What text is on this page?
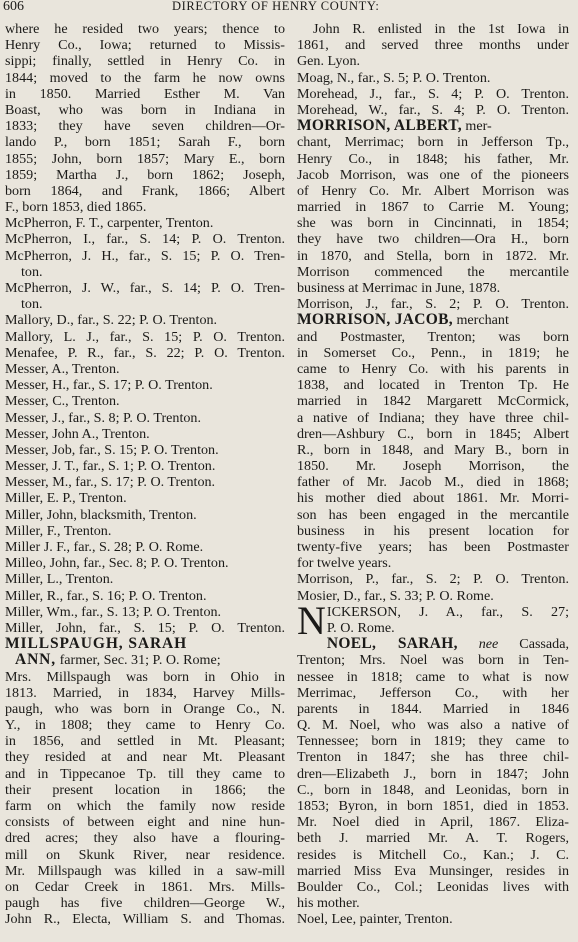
606	DIRECTORY OF HENRY COUNTY:
where he resided two years; thence to
Henry Co., Iowa; returned to Missis-
sippi; finally, settled in Henry Co. in
1844; moved to the farm he now owns
in 1850. Married Esther M. Van
Boast, who was born in Indiana in
1833; they have seven children—Or-
lando P., born 1851; Sarah F., born
1855; John, born 1857; Mary E., born
1859; Martha J., born 1862; Joseph,
born 1864, and Frank, 1866; Albert
F., born 1853, died 1865.
McPherron, F. T., carpenter, Trenton.
McPherron, I., far., S. 14; P. O. Trenton.
McPherron, J. H., far., S. 15; P. O. Tren-
ton.
McPherron, J. W., far., S. 14; P. O. Tren-
ton.
Mallory, D., far., S. 22; P. O. Trenton.
Mallory, L. J., far., S. 15; P. O. Trenton.
Menafee, P. R., far., S. 22; P. O. Trenton.
Messer, A., Trenton.
Messer, H., far., S. 17; P. O. Trenton.
Messer, C., Trenton.
Messer, J., far., S. 8; P. O. Trenton.
Messer, John A., Trenton.
Messer, Job, far., S. 15; P. O. Trenton.
Messer, J. T., far., S. 1; P. O. Trenton.
Messer, M., far., S. 17; P. O. Trenton.
Miller, E. P., Trenton.
Miller, John, blacksmith, Trenton.
Miller, F., Trenton.
Miller J. F., far., S. 28; P. O. Rome.
Milleo, John, far., Sec. 8; P. O. Trenton.
Miller, L., Trenton.
Miller, R., far., S. 16; P. O. Trenton.
Miller, Wm., far., S. 13; P. O. Trenton.
Miller, John, far., S. 15; P. O. Trenton.
MILLSPAUGH, SARAH
ANN, farmer, Sec. 31; P. O. Rome;
Mrs. Millspaugh was born in Ohio in
1813. Married, in 1834, Harvey Mills-
paugh, who was born in Orange Co., N.
Y., in 1808; they came to Henry Co.
in 1856, and settled in Mt. Pleasant;
they resided at and near Mt. Pleasant
and in Tippecanoe Tp. till they came to
their present location in 1866; the
farm on which the family now reside
consists of between eight and nine hun-
dred acres; they also have a flouring-
mill on Skunk River, near residence.
Mr. Millspaugh was killed in a saw-mill
on Cedar Creek in 1861. Mrs. Mills-
paugh has five children—George W.,
John R., Electa, William S. and Thomas.
John R. enlisted in the 1st Iowa in
1861, and served three months under
Gen. Lyon.
Moag, N., far., S. 5; P. O. Trenton.
Morehead, J., far., S. 4; P. O. Trenton.
Morehead, W., far., S. 4; P. O. Trenton.
MORRISON, ALBERT, mer-
chant, Merrimac; born in Jefferson Tp.,
Henry Co., in 1848; his father, Mr.
Jacob Morrison, was one of the pioneers
of Henry Co. Mr. Albert Morrison was
married in 1867 to Carrie M. Young;
she was born in Cincinnati, in 1854;
they have two children—Ora H., born
in 1870, and Stella, born in 1872. Mr.
Morrison commenced the mercantile
business at Merrimac in June, 1878.
Morrison, J., far., S. 2; P. O. Trenton.
MORRISON, JACOB, merchant
and Postmaster, Trenton; was born
in Somerset Co., Penn., in 1819; he
came to Henry Co. with his parents in
1838, and located in Trenton Tp. He
married in 1842 Margarett McCormick,
a native of Indiana; they have three chil-
dren—Ashbury C., born in 1845; Albert
R., born in 1848, and Mary B., born in
1850. Mr. Joseph Morrison, the
father of Mr. Jacob M., died in 1868;
his mother died about 1861. Mr. Morri-
son has been engaged in the mercantile
business in his present location for
twenty-five years; has been Postmaster
for twelve years.
Morrison, P., far., S. 2; P. O. Trenton.
Mosier, D., far., S. 33; P. O. Rome.
N ICKERSON, J. A., far., S. 27;
P. O. Rome.
NOEL, SARAH, nee Cassada,
Trenton; Mrs. Noel was born in Ten-
nessee in 1818; came to what is now
Merrimac, Jefferson Co., with her
parents in 1844. Married in 1846
Q. M. Noel, who was also a native of
Tennessee; born in 1819; they came to
Trenton in 1847; she has three chil-
dren—Elizabeth J., born in 1847; John
C., born in 1848, and Leonidas, born in
1853; Byron, in born 1851, died in 1853.
Mr. Noel died in April, 1867. Eliza-
beth J. married Mr. A. T. Rogers,
resides is Mitchell Co., Kan.; J. C.
married Miss Eva Munsinger, resides in
Boulder Co., Col.; Leonidas lives with
his mother.
Noel, Lee, painter, Trenton.
